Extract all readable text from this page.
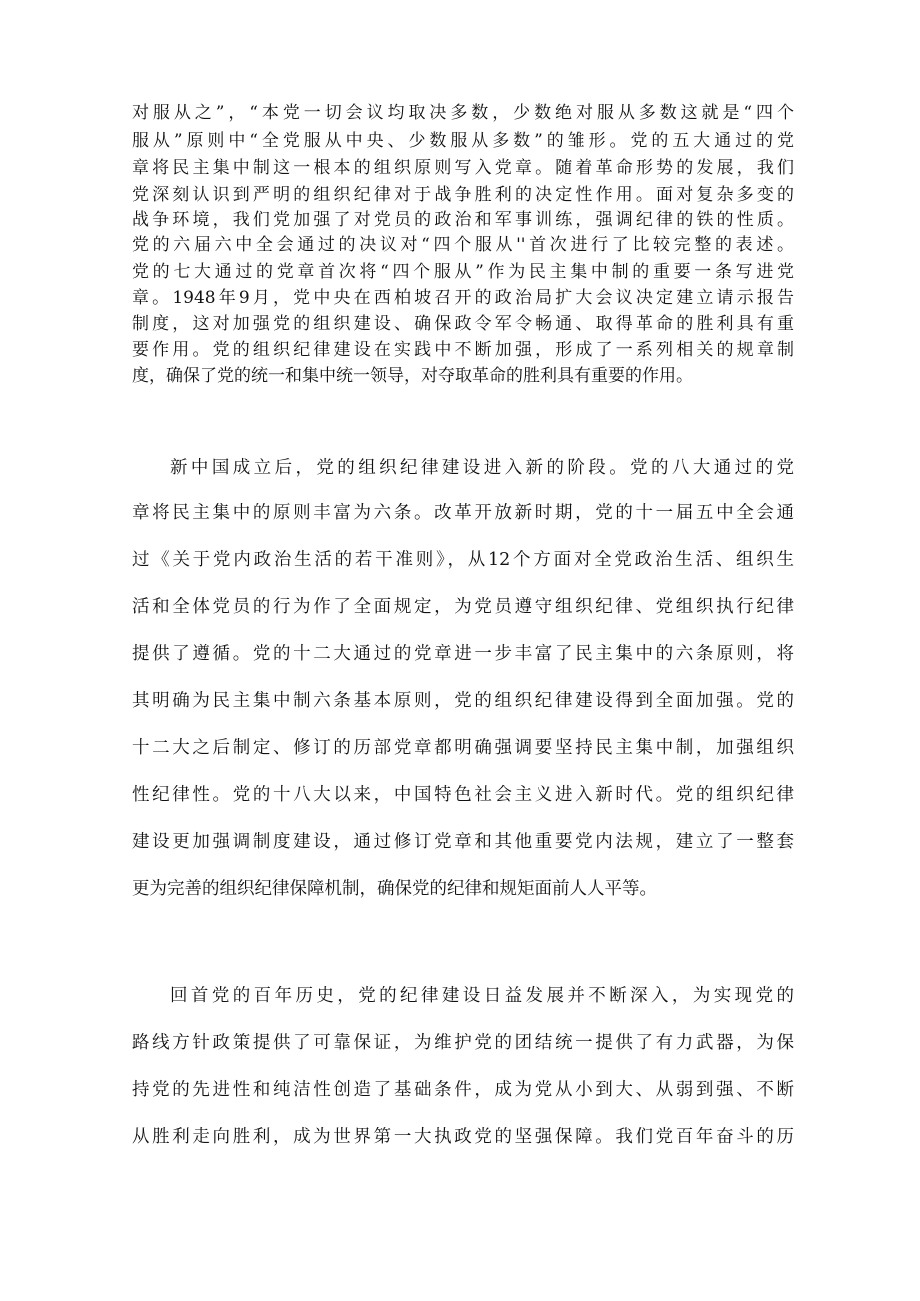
对服从之”，“本党一切会议均取决多数，少数绝对服从多数这就是“四个
服从”原则中“全党服从中央、少数服从多数”的雏形。党的五大通过的党
章将民主集中制这一根本的组织原则写入党章。随着革命形势的发展，我们
党深刻认识到严明的组织纪律对于战争胜利的决定性作用。面对复杂多变的
战争环境，我们党加强了对党员的政治和军事训练，强调纪律的铁的性质。
党的六届六中全会通过的决议对“四个服从''首次进行了比较完整的表述。
党的七大通过的党章首次将“四个服从”作为民主集中制的重要一条写进党
章。1948年9月，党中央在西柏坡召开的政治局扩大会议决定建立请示报告
制度，这对加强党的组织建设、确保政令军令畅通、取得革命的胜利具有重
要作用。党的组织纪律建设在实践中不断加强，形成了一系列相关的规章制
度，确保了党的统一和集中统一领导，对夺取革命的胜利具有重要的作用。
新中国成立后，党的组织纪律建设进入新的阶段。党的八大通过的党
章将民主集中的原则丰富为六条。改革开放新时期，党的十一届五中全会通
过《关于党内政治生活的若干准则》，从12个方面对全党政治生活、组织生
活和全体党员的行为作了全面规定，为党员遵守组织纪律、党组织执行纪律
提供了遵循。党的十二大通过的党章进一步丰富了民主集中的六条原则，将
其明确为民主集中制六条基本原则，党的组织纪律建设得到全面加强。党的
十二大之后制定、修订的历部党章都明确强调要坚持民主集中制，加强组织
性纪律性。党的十八大以来，中国特色社会主义进入新时代。党的组织纪律
建设更加强调制度建设，通过修订党章和其他重要党内法规，建立了一整套
更为完善的组织纪律保障机制，确保党的纪律和规矩面前人人平等。
回首党的百年历史，党的纪律建设日益发展并不断深入，为实现党的
路线方针政策提供了可靠保证，为维护党的团结统一提供了有力武器，为保
持党的先进性和纯洁性创造了基础条件，成为党从小到大、从弱到强、不断
从胜利走向胜利，成为世界第一大执政党的坚强保障。我们党百年奋斗的历
